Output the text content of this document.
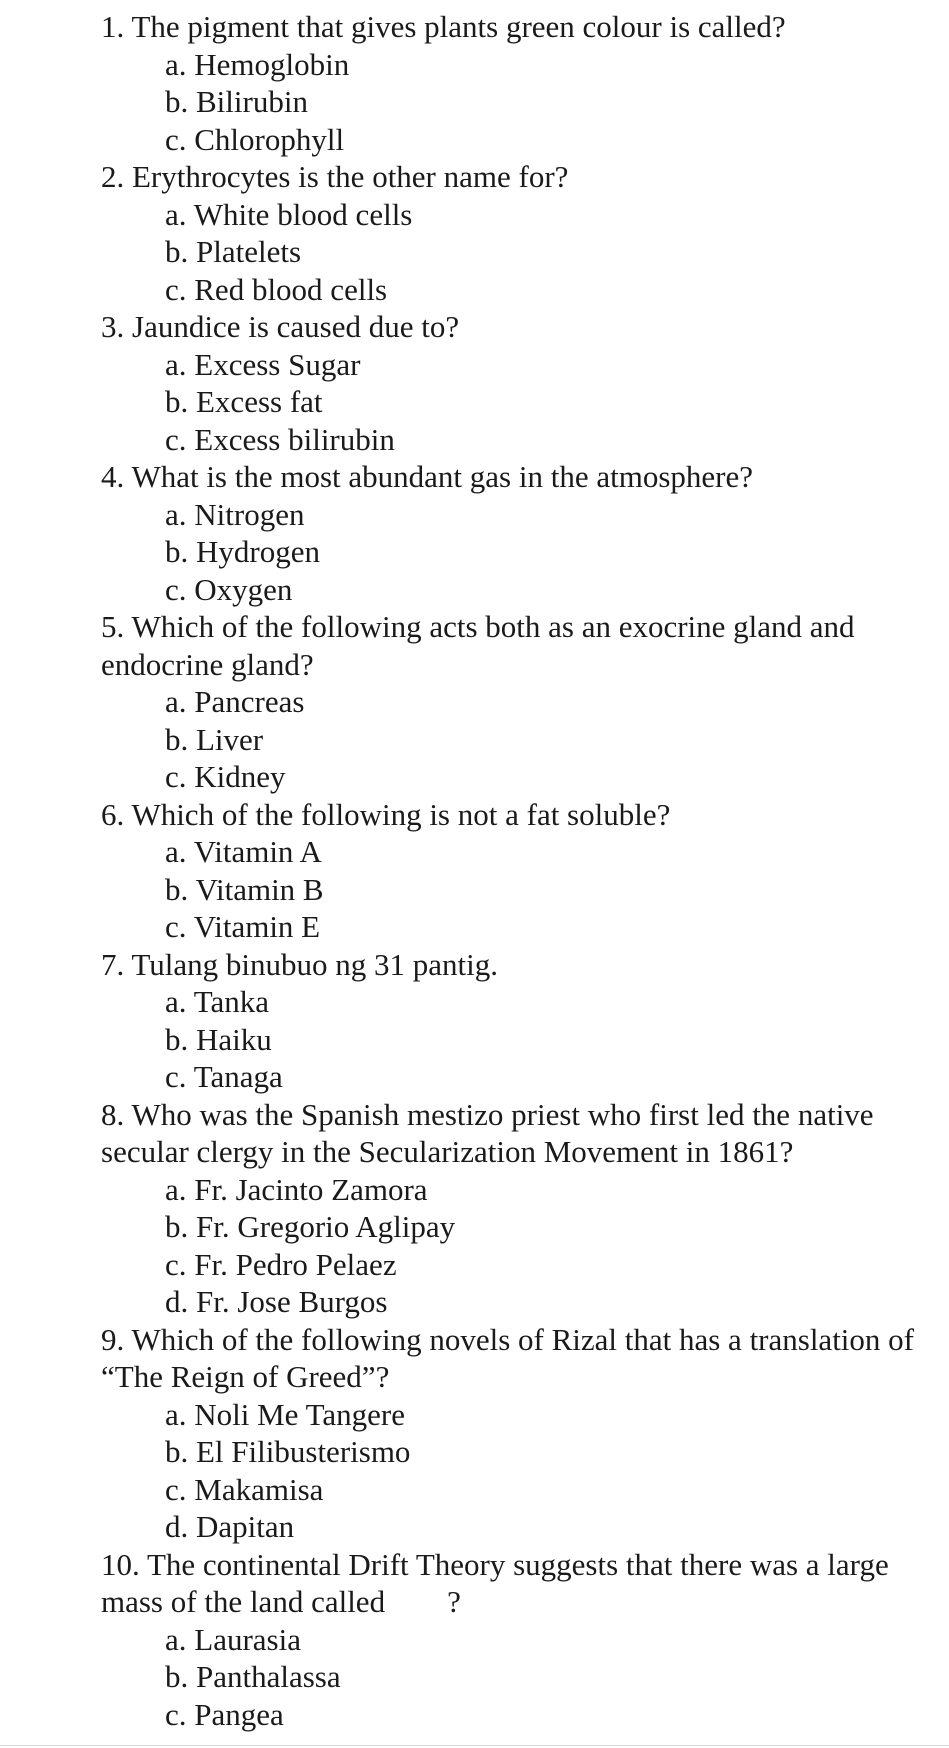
1. The pigment that gives plants green colour is called?
a. Hemoglobin
b. Bilirubin
c. Chlorophyll
2. Erythrocytes is the other name for?
a. White blood cells
b. Platelets
c. Red blood cells
3. Jaundice is caused due to?
a. Excess Sugar
b. Excess fat
c. Excess bilirubin
4. What is the most abundant gas in the atmosphere?
a. Nitrogen
b. Hydrogen
c. Oxygen
5. Which of the following acts both as an exocrine gland and endocrine gland?
a. Pancreas
b. Liver
c. Kidney
6. Which of the following is not a fat soluble?
a. Vitamin A
b. Vitamin B
c. Vitamin E
7. Tulang binubuo ng 31 pantig.
a. Tanka
b. Haiku
c. Tanaga
8. Who was the Spanish mestizo priest who first led the native secular clergy in the Secularization Movement in 1861?
a. Fr. Jacinto Zamora
b. Fr. Gregorio Aglipay
c. Fr. Pedro Pelaez
d. Fr. Jose Burgos
9. Which of the following novels of Rizal that has a translation of “The Reign of Greed”?
a. Noli Me Tangere
b. El Filibusterismo
c. Makamisa
d. Dapitan
10. The continental Drift Theory suggests that there was a large mass of the land called        ?
a. Laurasia
b. Panthalassa
c. Pangea
